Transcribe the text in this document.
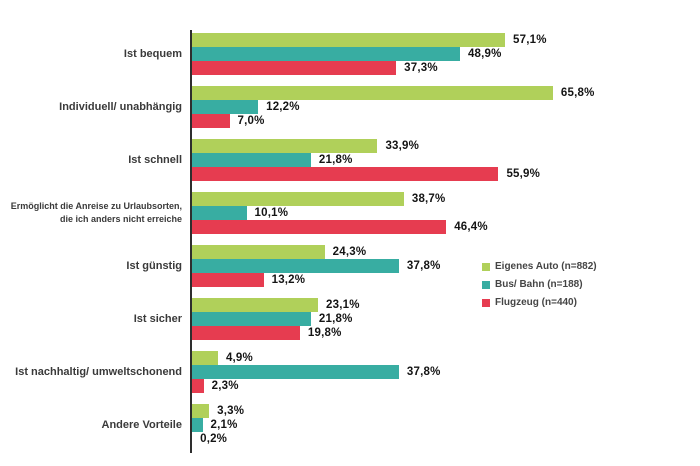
Ist bequem
57,1%
48,9%
37,3%
Individuell/ unabhängig
65,8%
12,2%
7,0%
Ist schnell
33,9%
21,8%
55,9%
Ermöglicht die Anreise zu Urlaubsorten,
die ich anders nicht erreiche
38,7%
10,1%
46,4%
Ist günstig
24,3%
37,8%
13,2%
Ist sicher
23,1%
21,8%
19,8%
Ist nachhaltig/ umweltschonend
4,9%
37,8%
2,3%
Andere Vorteile
3,3%
2,1%
0,2%
Eigenes Auto (n=882)
Bus/ Bahn (n=188)
Flugzeug (n=440)
